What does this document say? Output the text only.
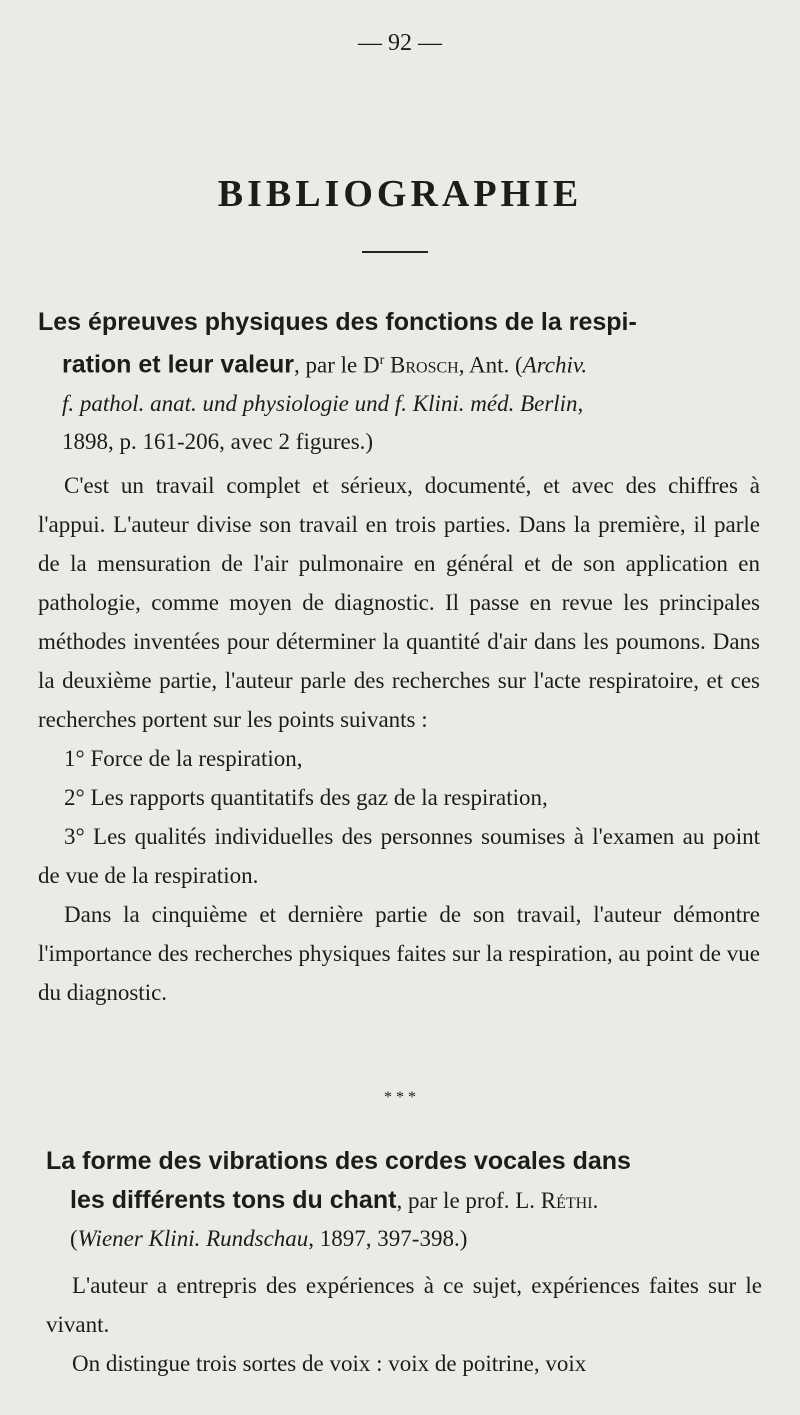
— 92 —
BIBLIOGRAPHIE
Les épreuves physiques des fonctions de la respi-
ration et leur valeur, par le $D^r$ Brosch, Ant. (Archiv.
f. pathol. anat. und physiologie und f. Klini. méd. Berlin,
1898, p. 161-206, avec 2 figures.)

C'est un travail complet et sérieux, documenté, et avec des chiffres à l'appui. L'auteur divise son travail en trois parties. Dans la première, il parle de la mensuration de l'air pulmonaire en général et de son application en pathologie, comme moyen de diagnostic. Il passe en revue les principales méthodes inventées pour déterminer la quantité d'air dans les poumons. Dans la deuxième partie, l'auteur parle des recherches sur l'acte respiratoire, et ces recherches portent sur les points suivants :

1° Force de la respiration,

2° Les rapports quantitatifs des gaz de la respiration,

3° Les qualités individuelles des personnes soumises à l'examen au point de vue de la respiration.

Dans la cinquième et dernière partie de son travail, l'auteur démontre l'importance des recherches physiques faites sur la respiration, au point de vue du diagnostic.

* * *
La forme des vibrations des cordes vocales dans
les différents tons du chant, par le prof. L. Réthi.
(Wiener Klini. Rundschau, 1897, 397-398.)

L'auteur a entrepris des expériences à ce sujet, expériences faites sur le vivant.

On distingue trois sortes de voix : voix de poitrine, voix
